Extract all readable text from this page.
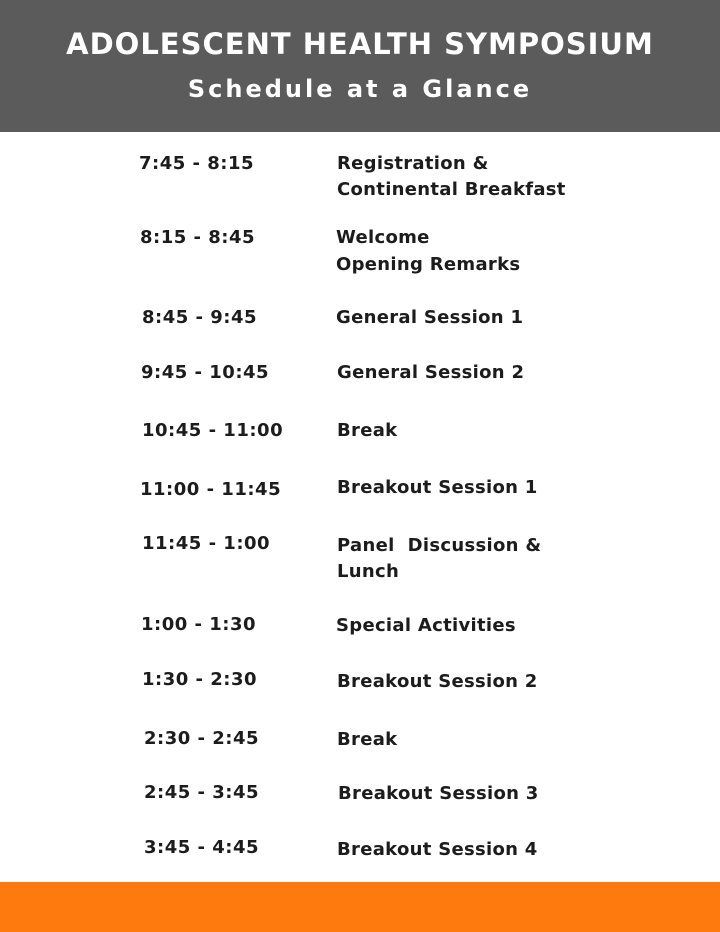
ADOLESCENT HEALTH SYMPOSIUM
Schedule at a Glance
7:45 - 8:15	Registration &
Continental Breakfast
8:15 - 8:45	Welcome
Opening Remarks
8:45 - 9:45	General Session 1
9:45 - 10:45	General Session 2
10:45 - 11:00	Break
11:00 - 11:45	Breakout Session 1
11:45 - 1:00	Panel  Discussion &
Lunch
1:00 - 1:30	Special Activities
1:30 - 2:30	Breakout Session 2
2:30 - 2:45	Break
2:45 - 3:45	Breakout Session 3
3:45 - 4:45	Breakout Session 4
